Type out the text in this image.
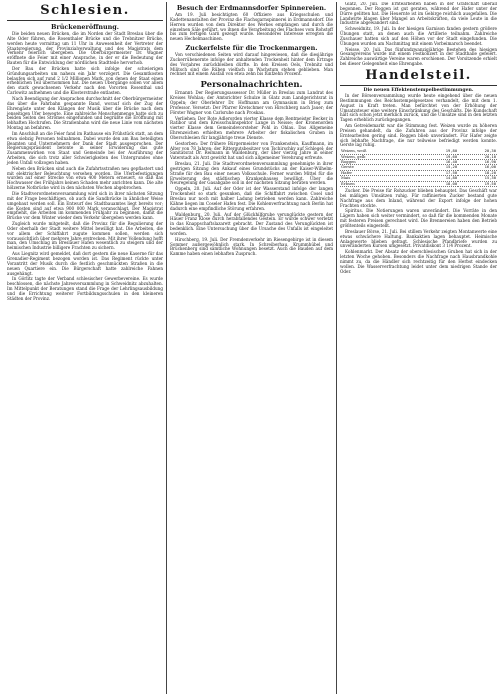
Schlesien.
Brückeneröffnung.

Die beiden neuen Brücken, die im Norden der Stadt Breslau über die Alte Oder führen, die Rosenthaler Brücke und die Trebnitzer Brücke, werden heute vormittag um 11 Uhr in Anwesenheit der Vertreter der Staatsregierung, der Provinzialverwaltung und des Magistrats dem Verkehr feierlich übergeben. Die Oberbürgermeister Dr. Wagner eröffnete die Feier mit einer Ansprache, in der er die Bedeutung der Bauten für die Entwicklung der nördlichen Stadtteile hervorhob.

Der Bau der Brücken hatte sich infolge der schwierigen Gründungsarbeiten um nahezu ein Jahr verzögert. Die Gesamtkosten belaufen sich auf rund 2 1/2 Millionen Mark, von denen der Staat einen erheblichen Teil übernommen hat. Die neuen Übergänge sollen vor allem den stark gewachsenen Verkehr nach den Vororten Rosenthal und Carlowitz aufnehmen und die Klosterstraße entlasten.

Nach Beendigung der Ansprachen durchschnitt der Oberbürgermeister das über die Fahrbahn gespannte Band, worauf sich der Zug der Ehrengäste unter den Klängen der Musik über die Brücke nach dem jenseitigen Ufer bewegte. Eine zahlreiche Menschenmenge hatte sich zu beiden Seiten des Stromes eingefunden und begrüßte die Eröffnung mit lebhaften Hochrufen. Die Straßenbahn wird die neue Linie vom nächsten Montag an befahren.

Im Anschluß an die Feier fand im Rathause ein Frühstück statt, an dem etwa siebzig Personen teilnahmen. Dabei wurde den am Bau beteiligten Beamten und Unternehmern der Dank der Stadt ausgesprochen. Der Regierungspräsident betonte in seiner Erwiderung das gute Zusammenwirken von Staat und Gemeinde bei der Ausführung der Arbeiten, die sich trotz aller Schwierigkeiten des Untergrundes ohne jeden Unfall vollzogen haben.

Neben den Brücken sind auch die Zufahrtsstraßen neu gepflastert und mit elektrischer Beleuchtung versehen worden. Die Uferbefestigungen wurden auf einer Strecke von etwa 400 Metern erneuert, so daß das Hochwasser des Frühjahrs keinen Schaden mehr anrichten kann. Die alte hölzerne Notbrücke wird in den nächsten Wochen abgebrochen.

Die Stadtverordnetenversammlung wird sich in ihrer nächsten Sitzung mit der Frage beschäftigen, ob auch die Sandbrücke in ähnlicher Weise umgebaut werden soll. Ein Entwurf des Stadtbauamtes liegt bereits vor; die Kosten sind auf etwa 900 000 Mark veranschlagt. Der Magistrat empfiehlt, die Arbeiten im kommenden Frühjahr zu beginnen, damit die Brücke vor dem Winter wieder dem Verkehr übergeben werden kann.

Zugleich wurde mitgeteilt, daß die Provinz für die Regulierung der Oder oberhalb der Stadt weitere Mittel bewilligt hat. Die Arbeiten, die vor allem der Schiffahrt zugute kommen sollen, werden sich voraussichtlich über mehrere Jahre erstrecken. Mit ihrer Vollendung hofft man, den Umschlag im Breslauer Hafen wesentlich zu steigern und der heimischen Industrie billigere Frachten zu sichern.

Aus Liegnitz wird gemeldet, daß dort gestern die neue Kaserne für das Grenadier-Regiment bezogen worden ist. Das Regiment rückte unter Vorantritt der Musik durch die festlich geschmückten Straßen in die neuen Quartiere ein. Die Bürgerschaft hatte zahlreiche Fahnen ausgehängt.

In Görlitz tagte der Verband schlesischer Gewerbevereine. Es wurde beschlossen, die nächste Jahresversammlung in Schweidnitz abzuhalten. Im Mittelpunkt der Beratungen stand die Frage der Lehrlingsausbildung und die Errichtung weiterer Fortbildungsschulen in den kleineren Städten der Provinz.

Besuch der Erdmannsdorfer Spinnereien.

Am 19. Juli besichtigten 60 Offiziere aus Kriegsschulen und Kadettenanstalten der Provinz die Flachsgarnspinnerei in Erdmannsdorf. Die Herren wurden von dem Direktor des Werkes empfangen und durch die einzelnen Säle geführt, wo ihnen die Verarbeitung des Flachses vom Rohstoff bis zum fertigen Garn gezeigt wurde. Besonderes Interesse erregten die neuen Hechelmaschinen.

Zuckerfelste für die Trockenmargen.

Von verschiedenen Seiten wird darauf hingewiesen, daß die diesjährige Zuckerrübenernte infolge der anhaltenden Trockenheit hinter dem Ertrage des Vorjahres zurückbleiben dürfte. In den Kreisen Oels, Trebnitz und Militsch sind die Rüben vielfach im Wachstum stehen geblieben. Man rechnet mit einem Ausfall von etwa zehn bis fünfzehn Prozent.

Personalnachrichten.

Ernannt: Der Regierungsassessor Dr. Müller in Breslau zum Landrat des Kreises Wohlau; der Amtsrichter Schulze in Glatz zum Landgerichtsrat in Oppeln; der Oberlehrer Dr. Hoffmann am Gymnasium in Brieg zum Professor. Versetzt: Der Pfarrer Kretschmer von Hirschberg nach Jauer; der Förster Wagner von Carlsruhe nach Proskau.

Verliehen: Der Rote Adlerorden vierter Klasse dem Rentmeister Becker in Ratibor und dem Kreisschulinspektor Lange in Neisse; der Kronenorden vierter Klasse dem Gemeindevorsteher Pohl in Ohlau. Das Allgemeine Ehrenzeichen erhielten mehrere Arbeiter der fiskalischen Gruben in Oberschlesien für langjährige treue Dienste.

Gestorben: Der frühere Bürgermeister von Frankenstein, Kauffmann, im Alter von 78 Jahren; der Rittergutsbesitzer von Tschirschky auf Schlegel; der Sanitätsrat Dr. Reimann in Waldenburg, der über vierzig Jahre in seiner Vaterstadt als Arzt gewirkt hat und sich allgemeiner Verehrung erfreute.

Breslau, 21. Juli. Die Stadtverordnetenversammlung genehmigte in ihrer gestrigen Sitzung den Ankauf eines Grundstücks an der Kaiser-Wilhelm-Straße für den Bau einer neuen Volksschule. Ferner wurden Mittel für die Erweiterung des städtischen Krankenhauses bewilligt. Über die Neuregelung der Gasabgabe soll in der nächsten Sitzung beraten werden.

Oppeln, 20. Juli. Auf der Oder ist der Wasserstand infolge der langen Trockenheit so stark gesunken, daß die Schiffahrt zwischen Cosel und Breslau nur noch mit halber Ladung betrieben werden kann. Zahlreiche Kähne liegen im Coseler Hafen fest. Die Kohlenverfrachtung nach Berlin hat dadurch eine empfindliche Störung erfahren.

Waldenburg, 20. Juli. Auf der Glückhilfgrube verunglückte gestern der Häuer Franz Klose durch herabfallendes Gestein. Er wurde schwer verletzt in das Knappschaftslazarett gebracht. Der Zustand des Verunglückten ist bedenklich. Eine Untersuchung über die Ursache des Unfalls ist eingeleitet worden.

Hirschberg, 19. Juli. Der Fremdenverkehr im Riesengebirge ist in diesem Sommer außergewöhnlich stark. In Schreiberhau, Krummhübel und Brückenberg sind sämtliche Wohnungen besetzt. Auch die Bauden auf dem Kamme haben einen lebhaften Zuspruch.

Glatz, 20. Juli. Die Erntearbeiten haben in der Grafschaft überall begonnen. Der Roggen ist gut geraten, während der Hafer unter der Dürre gelitten hat. Die Heuernte ist im Gebirge reichlich ausgefallen. Die Landwirte klagen über Mangel an Arbeitskräften, da viele Leute in die Industrie abgewandert sind.

Schweidnitz, 19. Juli. In der hiesigen Garnison fanden gestern größere Übungen statt, an denen auch die Artillerie teilnahm. Zahlreiche Zuschauer hatten sich auf den Höhen vor der Stadt eingefunden. Die Übungen wurden am Nachmittag mit einem Vorbeimarsch beendet.

Neisse, 20. Juli. Das fünfundzwanzigjährige Bestehen des hiesigen Gesangvereins wurde mit einem Festkonzert in der Stadthalle gefeiert. Zahlreiche auswärtige Vereine waren erschienen. Der Vorsitzende erhielt bei dieser Gelegenheit eine Ehrengabe.

Handelsteil.
Die neuen Effektenstempelbestimmungen.

In der Börsenversammlung wurde heute eingehend über die neuen Bestimmungen des Reichsstempelgesetzes verhandelt, die mit dem 1. August in Kraft treten. Man befürchtet von der Erhöhung der Umsatzsteuer eine weitere Einschränkung des Geschäfts. Die Kundschaft hält sich schon jetzt merklich zurück, und die Umsätze sind in den letzten Tagen erheblich zurückgegangen.

Am Getreidemarkt war die Stimmung fest. Weizen wurde zu höheren Preisen gehandelt, da die Zufuhren aus der Provinz infolge der Erntearbeiten gering sind. Roggen blieb unverändert. Für Hafer zeigte sich lebhafte Nachfrage, die nur teilweise befriedigt werden konnte. Gerste lag ruhig.

Weizen, weiß	19,80	20,30
Weizen, gelb	19,60	20,10
Roggen	16,40	16,90
Gerste	15,20	16,00
Hafer	17,50	18,20
Mais	14,80	15,30
Erbsen	18,00	19,50

Zucker. Die Preise für Rohzucker blieben behauptet. Das Geschäft war bei mäßigen Umsätzen ruhig. Für raffinierten Zucker bestand gute Nachfrage aus dem Inland, während der Export infolge der hohen Frachten stockte.

Spiritus. Die Notierungen waren unverändert. Die Vorräte in den Lägern haben sich weiter vermindert, so daß für die kommenden Monate mit festeren Preisen gerechnet wird. Die Brennereien haben den Betrieb größtenteils eingestellt.

Breslauer Börse, 21. Juli. Bei stillem Verkehr zeigten Montanwerte eine etwas schwächere Haltung. Bankaktien lagen behauptet. Heimische Anlagewerte blieben gefragt. Schlesische Pfandbriefe wurden zu unveränderten Kursen umgesetzt. Privatdiskont 3 1/4 Prozent.

Kohlenmarkt. Der Absatz der oberschlesischen Gruben hat sich in der letzten Woche gehoben. Besonders die Nachfrage nach Hausbrandkohle nimmt zu, da die Händler sich rechtzeitig für den Herbst eindecken wollen. Die Wasserverfrachtung leidet unter dem niedrigen Stande der Oder.
